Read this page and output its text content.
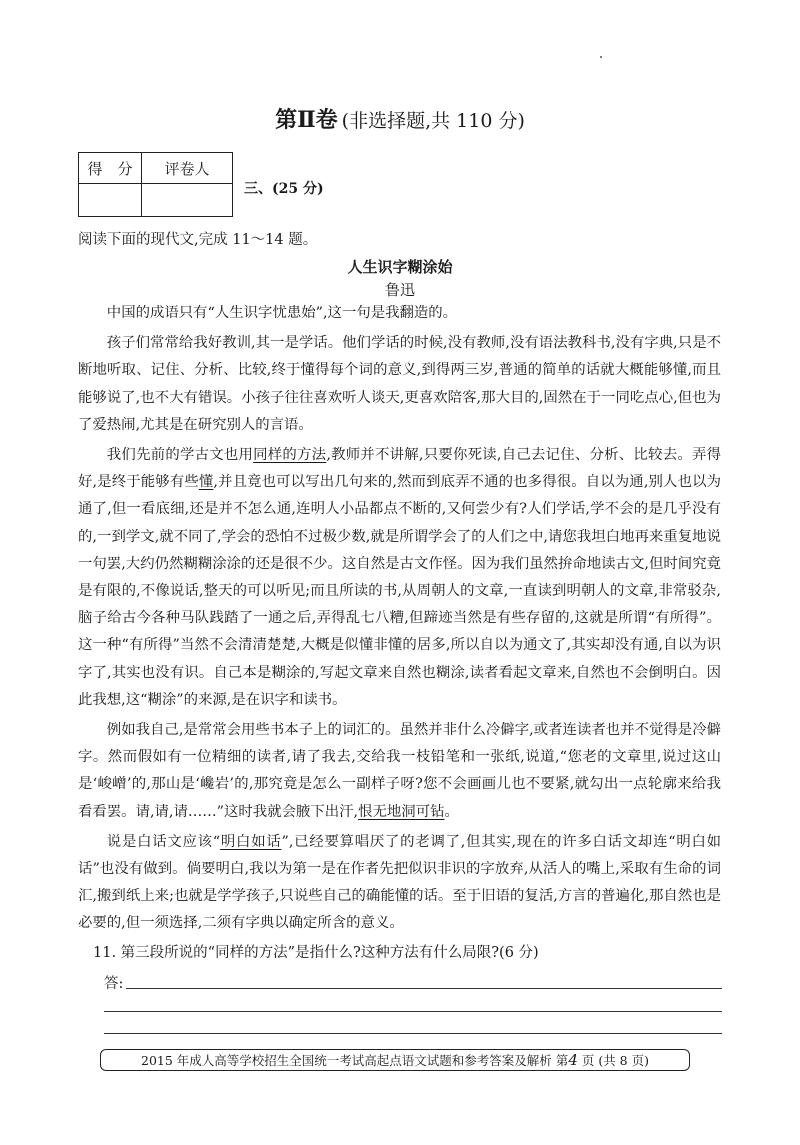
第Ⅱ卷 (非选择题,共 110 分)
得　分	评卷人

三、(25 分)
阅读下面的现代文,完成 11～14 题。
人生识字糊涂始
鲁迅

中国的成语只有“人生识字忧患始”,这一句是我翻造的。

孩子们常常给我好教训,其一是学话。他们学话的时候,没有教师,没有语法教科书,没有字典,只是不断地听取、记住、分析、比较,终于懂得每个词的意义,到得两三岁,普通的简单的话就大概能够懂,而且能够说了,也不大有错误。小孩子往往喜欢听人谈天,更喜欢陪客,那大目的,固然在于一同吃点心,但也为了爱热闹,尤其是在研究别人的言语。

我们先前的学古文也用同样的方法,教师并不讲解,只要你死读,自己去记住、分析、比较去。弄得好,是终于能够有些懂,并且竟也可以写出几句来的,然而到底弄不通的也多得很。自以为通,别人也以为通了,但一看底细,还是并不怎么通,连明人小品都点不断的,又何尝少有?人们学话,学不会的是几乎没有的,一到学文,就不同了,学会的恐怕不过极少数,就是所谓学会了的人们之中,请您我坦白地再来重复地说一句罢,大约仍然糊糊涂涂的还是很不少。这自然是古文作怪。因为我们虽然拚命地读古文,但时间究竟是有限的,不像说话,整天的可以听见;而且所读的书,从周朝人的文章,一直读到明朝人的文章,非常驳杂,脑子给古今各种马队践踏了一通之后,弄得乱七八糟,但蹄迹当然是有些存留的,这就是所谓“有所得”。这一种“有所得”当然不会清清楚楚,大概是似懂非懂的居多,所以自以为通文了,其实却没有通,自以为识字了,其实也没有识。自己本是糊涂的,写起文章来自然也糊涂,读者看起文章来,自然也不会倒明白。因此我想,这“糊涂”的来源,是在识字和读书。

例如我自己,是常常会用些书本子上的词汇的。虽然并非什么冷僻字,或者连读者也并不觉得是冷僻字。然而假如有一位精细的读者,请了我去,交给我一枝铅笔和一张纸,说道,“您老的文章里,说过这山是‘峻嶒’的,那山是‘巉岩’的,那究竟是怎么一副样子呀?您不会画画儿也不要紧,就勾出一点轮廓来给我看看罢。请,请,请……”这时我就会腋下出汗,恨无地洞可钻。

说是白话文应该“明白如话”,已经要算唱厌了的老调了,但其实,现在的许多白话文却连“明白如话”也没有做到。倘要明白,我以为第一是在作者先把似识非识的字放弃,从活人的嘴上,采取有生命的词汇,搬到纸上来;也就是学学孩子,只说些自己的确能懂的话。至于旧语的复活,方言的普遍化,那自然也是必要的,但一须选择,二须有字典以确定所含的意义。

11. 第三段所说的“同样的方法”是指什么?这种方法有什么局限?(6 分)
答:
2015 年成人高等学校招生全国统一考试高起点语文试题和参考答案及解析 第4 页 (共 8 页)
